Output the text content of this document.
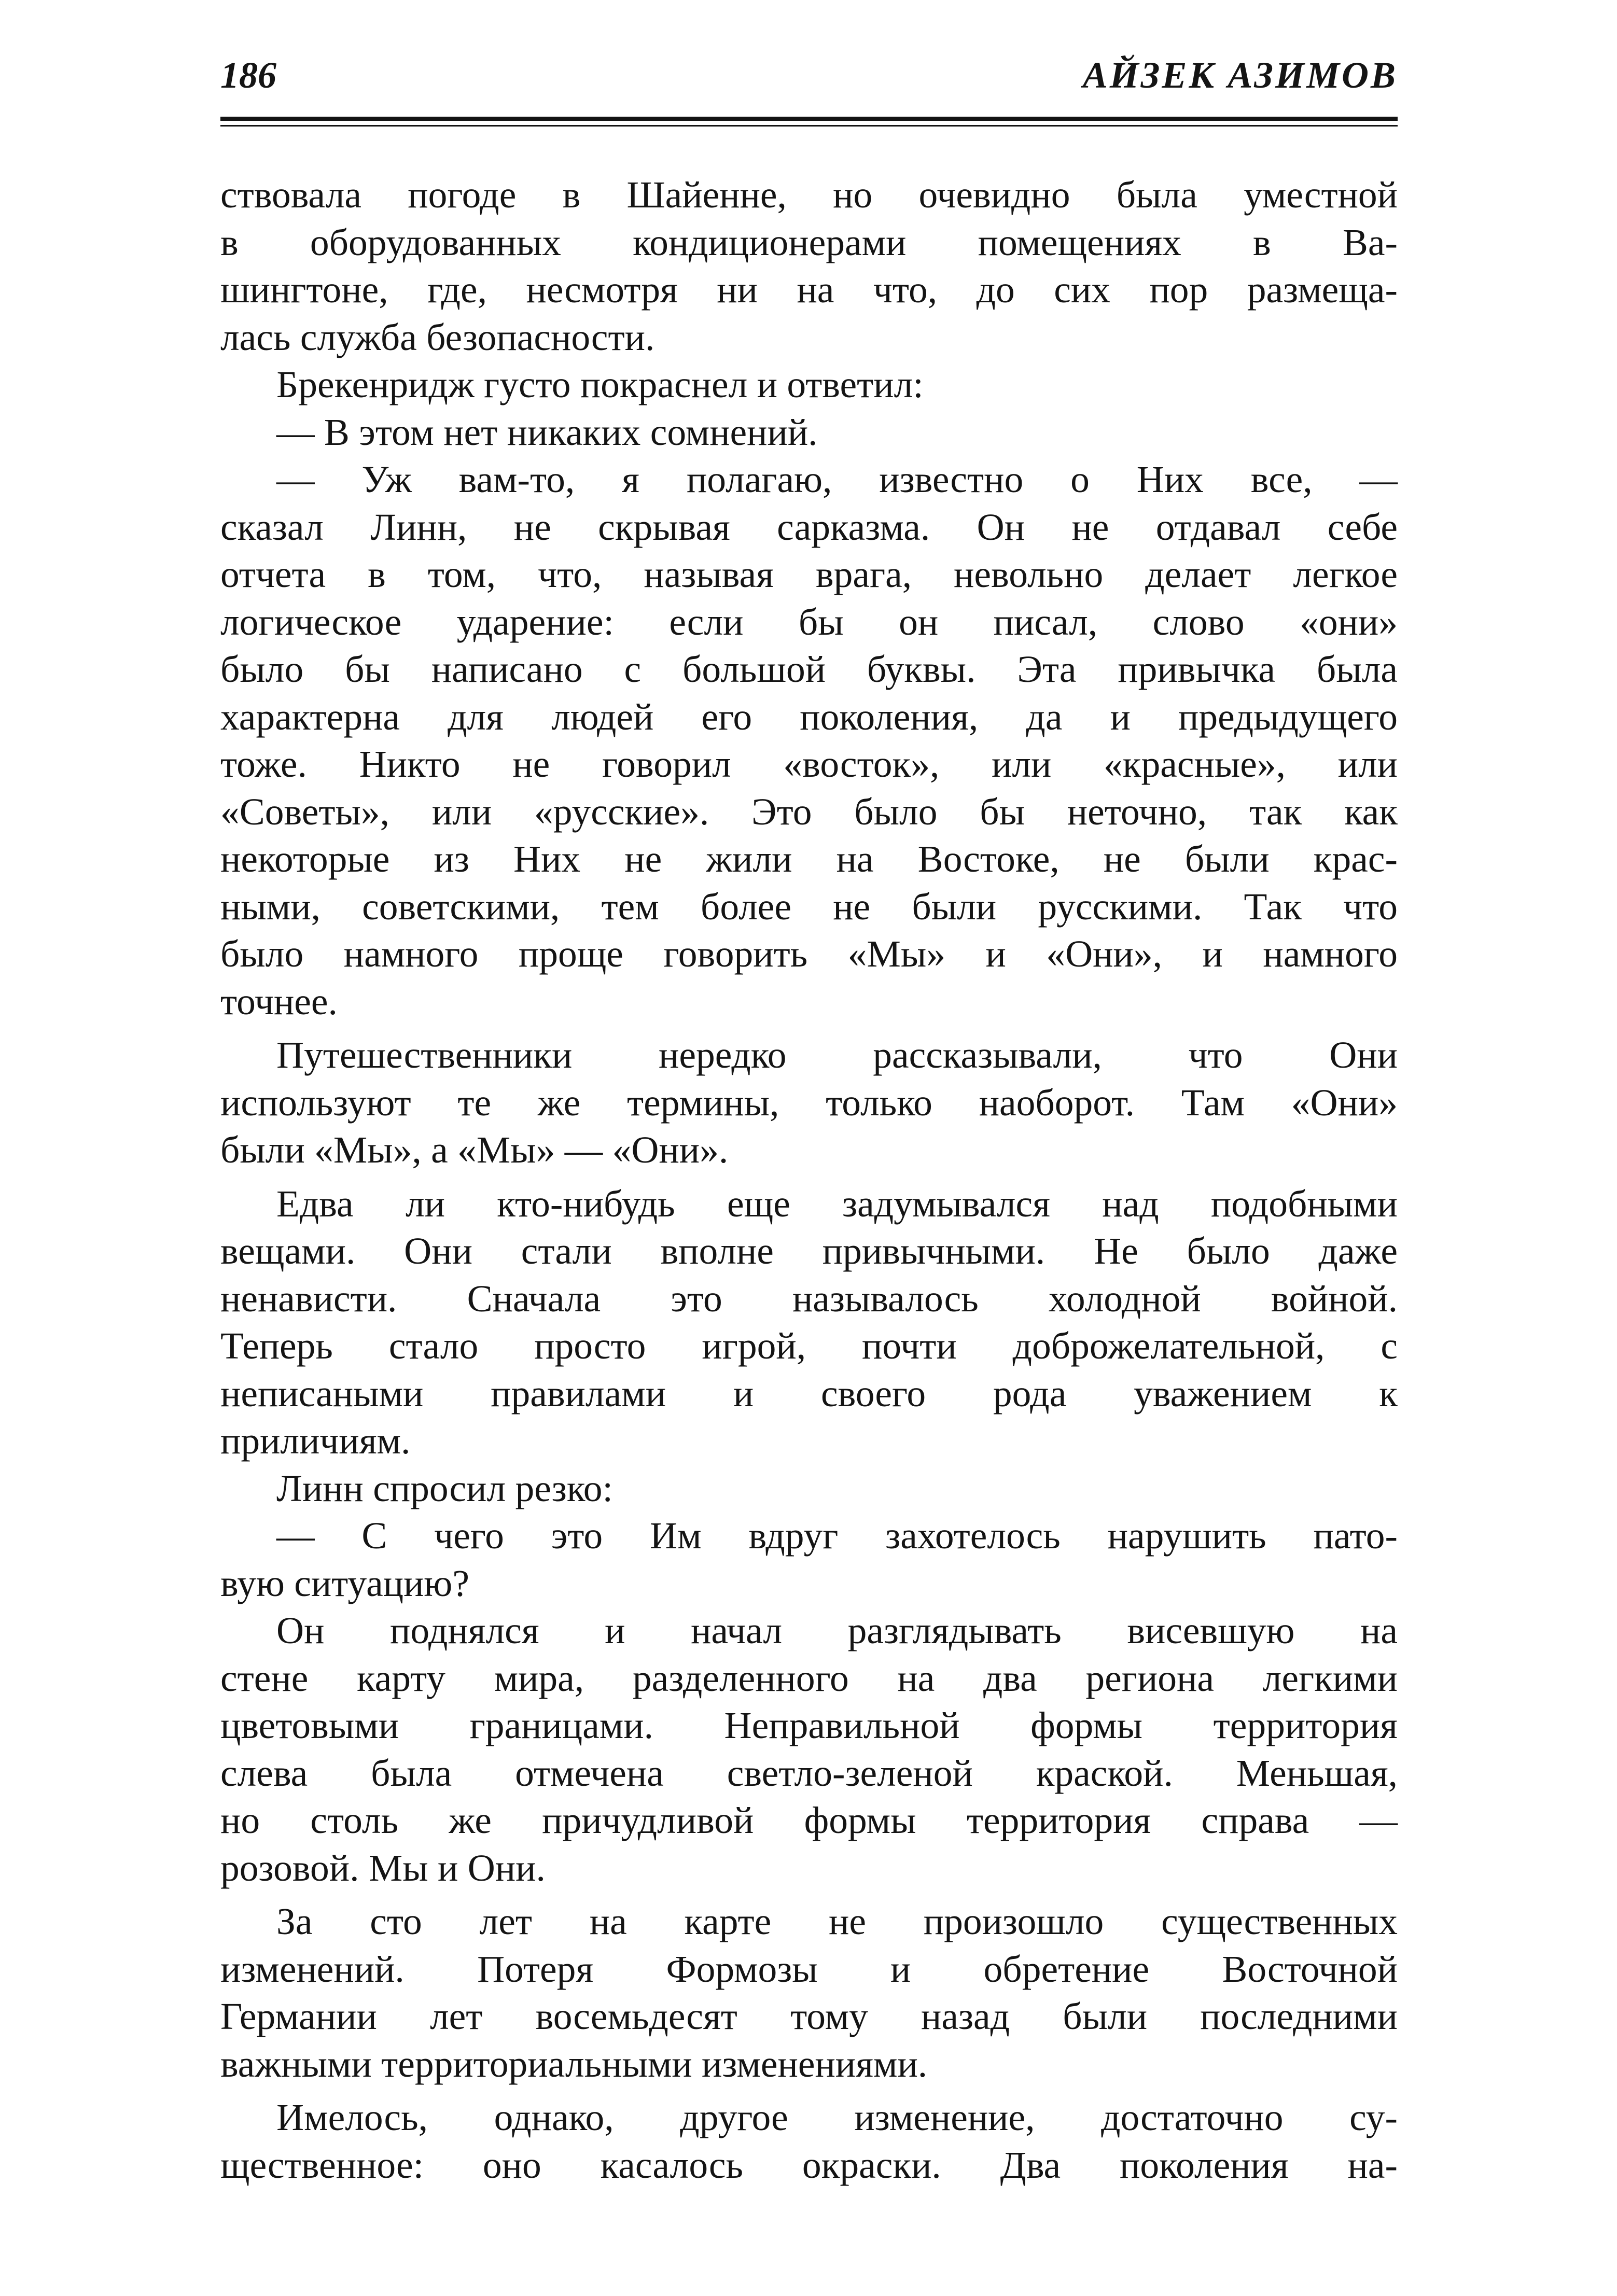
186	АЙЗЕК АЗИМОВ

ствовала погоде в Шайенне, но очевидно была уместной

в оборудованных кондиционерами помещениях в Ва-

шингтоне, где, несмотря ни на что, до сих пор размеща-

лась служба безопасности.

Брекенридж густо покраснел и ответил:

— В этом нет никаких сомнений.

— Уж вам-то, я полагаю, известно о Них все, —

сказал Линн, не скрывая сарказма. Он не отдавал себе

отчета в том, что, называя врага, невольно делает легкое

логическое ударение: если бы он писал, слово «они»

было бы написано с большой буквы. Эта привычка была

характерна для людей его поколения, да и предыдущего

тоже. Никто не говорил «восток», или «красные», или

«Советы», или «русские». Это было бы неточно, так как

некоторые из Них не жили на Востоке, не были крас-

ными, советскими, тем более не были русскими. Так что

было намного проще говорить «Мы» и «Они», и намного

точнее.

Путешественники нередко рассказывали, что Они

используют те же термины, только наоборот. Там «Они»

были «Мы», а «Мы» — «Они».

Едва ли кто-нибудь еще задумывался над подобными

вещами. Они стали вполне привычными. Не было даже

ненависти. Сначала это называлось холодной войной.

Теперь стало просто игрой, почти доброжелательной, с

неписаными правилами и своего рода уважением к

приличиям.

Линн спросил резко:

— С чего это Им вдруг захотелось нарушить пато-

вую ситуацию?

Он поднялся и начал разглядывать висевшую на

стене карту мира, разделенного на два региона легкими

цветовыми границами. Неправильной формы территория

слева была отмечена светло-зеленой краской. Меньшая,

но столь же причудливой формы территория справа —

розовой. Мы и Они.

За сто лет на карте не произошло существенных

изменений. Потеря Формозы и обретение Восточной

Германии лет восемьдесят тому назад были последними

важными территориальными изменениями.

Имелось, однако, другое изменение, достаточно су-

щественное: оно касалось окраски. Два поколения на-
